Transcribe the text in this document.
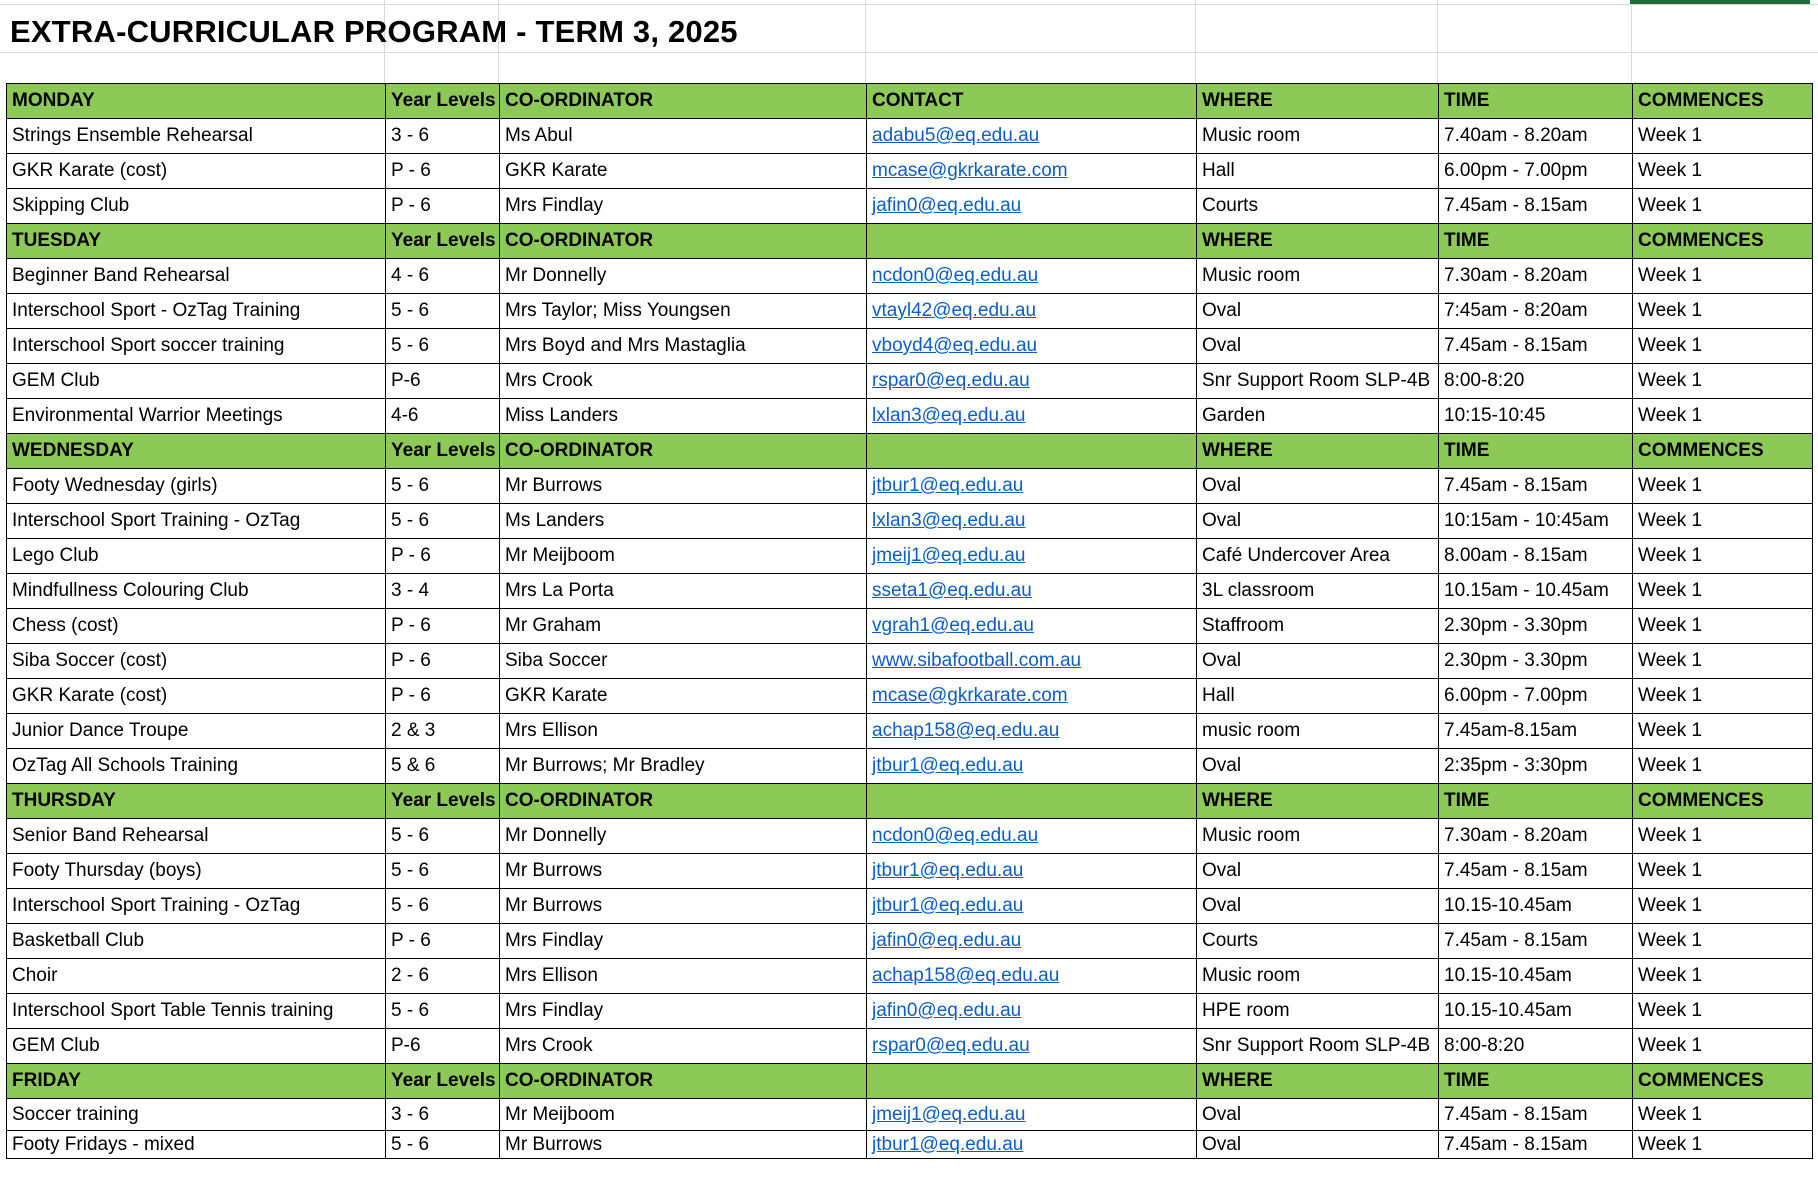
EXTRA-CURRICULAR PROGRAM - TERM 3, 2025
MONDAY	Year Levels	CO-ORDINATOR	CONTACT	WHERE	TIME	COMMENCES
Strings Ensemble Rehearsal	3 - 6	Ms Abul	adabu5@eq.edu.au	Music room	7.40am - 8.20am	Week 1
GKR Karate (cost)	P - 6	GKR Karate	mcase@gkrkarate.com	Hall	6.00pm - 7.00pm	Week 1
Skipping Club	P - 6	Mrs Findlay	jafin0@eq.edu.au	Courts	7.45am - 8.15am	Week 1
TUESDAY	Year Levels	CO-ORDINATOR		WHERE	TIME	COMMENCES
Beginner Band Rehearsal	4 - 6	Mr Donnelly	ncdon0@eq.edu.au	Music room	7.30am - 8.20am	Week 1
Interschool Sport - OzTag Training	5 - 6	Mrs Taylor; Miss Youngsen	vtayl42@eq.edu.au	Oval	7:45am - 8:20am	Week 1
Interschool Sport soccer training	5 - 6	Mrs Boyd and Mrs Mastaglia	vboyd4@eq.edu.au	Oval	7.45am - 8.15am	Week 1
GEM Club	P-6	Mrs Crook	rspar0@eq.edu.au	Snr Support Room SLP-4B	8:00-8:20	Week 1
Environmental Warrior Meetings	4-6	Miss Landers	lxlan3@eq.edu.au	Garden	10:15-10:45	Week 1
WEDNESDAY	Year Levels	CO-ORDINATOR		WHERE	TIME	COMMENCES
Footy Wednesday (girls)	5 - 6	Mr Burrows	jtbur1@eq.edu.au	Oval	7.45am - 8.15am	Week 1
Interschool Sport Training - OzTag	5 - 6	Ms Landers	lxlan3@eq.edu.au	Oval	10:15am - 10:45am	Week 1
Lego Club	P - 6	Mr Meijboom	jmeij1@eq.edu.au	Café Undercover Area	8.00am - 8.15am	Week 1
Mindfullness Colouring Club	3 - 4	Mrs La Porta	sseta1@eq.edu.au	3L classroom	10.15am - 10.45am	Week 1
Chess (cost)	P - 6	Mr Graham	vgrah1@eq.edu.au	Staffroom	2.30pm - 3.30pm	Week 1
Siba Soccer (cost)	P - 6	Siba Soccer	www.sibafootball.com.au	Oval	2.30pm - 3.30pm	Week 1
GKR Karate (cost)	P - 6	GKR Karate	mcase@gkrkarate.com	Hall	6.00pm - 7.00pm	Week 1
Junior Dance Troupe	2 & 3	Mrs Ellison	achap158@eq.edu.au	music room	7.45am-8.15am	Week 1
OzTag All Schools Training	5 & 6	Mr Burrows; Mr Bradley	jtbur1@eq.edu.au	Oval	2:35pm - 3:30pm	Week 1
THURSDAY	Year Levels	CO-ORDINATOR		WHERE	TIME	COMMENCES
Senior Band Rehearsal	5 - 6	Mr Donnelly	ncdon0@eq.edu.au	Music room	7.30am - 8.20am	Week 1
Footy Thursday (boys)	5 - 6	Mr Burrows	jtbur1@eq.edu.au	Oval	7.45am - 8.15am	Week 1
Interschool Sport Training - OzTag	5 - 6	Mr Burrows	jtbur1@eq.edu.au	Oval	10.15-10.45am	Week 1
Basketball Club	P - 6	Mrs Findlay	jafin0@eq.edu.au	Courts	7.45am - 8.15am	Week 1
Choir	2 - 6	Mrs Ellison	achap158@eq.edu.au	Music room	10.15-10.45am	Week 1
Interschool Sport Table Tennis training	5 - 6	Mrs Findlay	jafin0@eq.edu.au	HPE room	10.15-10.45am	Week 1
GEM Club	P-6	Mrs Crook	rspar0@eq.edu.au	Snr Support Room SLP-4B	8:00-8:20	Week 1
FRIDAY	Year Levels	CO-ORDINATOR		WHERE	TIME	COMMENCES
Soccer training	3 - 6	Mr Meijboom	jmeij1@eq.edu.au	Oval	7.45am - 8.15am	Week 1
Footy Fridays - mixed	5 - 6	Mr Burrows	jtbur1@eq.edu.au	Oval	7.45am - 8.15am	Week 1
